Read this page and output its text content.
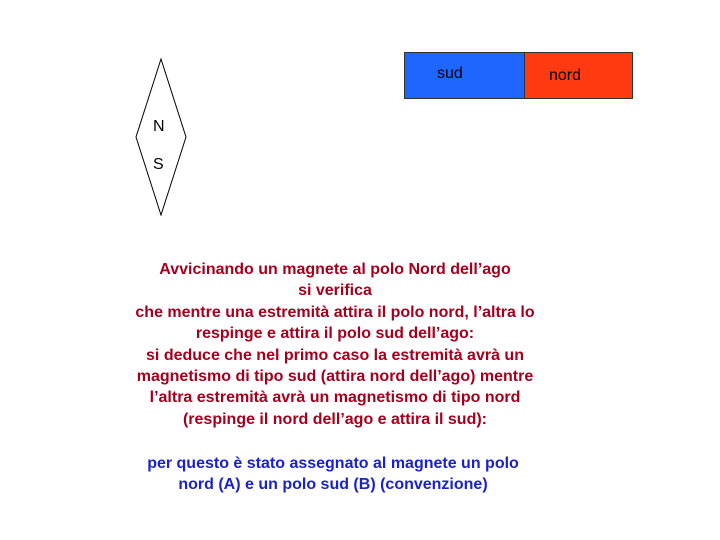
N
S
sud	nord
Avvicinando un magnete al polo Nord dell’ago
si verifica
che mentre una estremità attira il polo nord, l’altra lo
respinge e attira il polo sud dell’ago:
si deduce che nel primo caso la estremità avrà un
magnetismo di tipo sud (attira nord dell’ago) mentre
l’altra estremità avrà un magnetismo di tipo nord
(respinge il nord dell’ago e attira il sud):
per questo è stato assegnato al magnete un polo
nord (A) e un polo sud (B) (convenzione)
